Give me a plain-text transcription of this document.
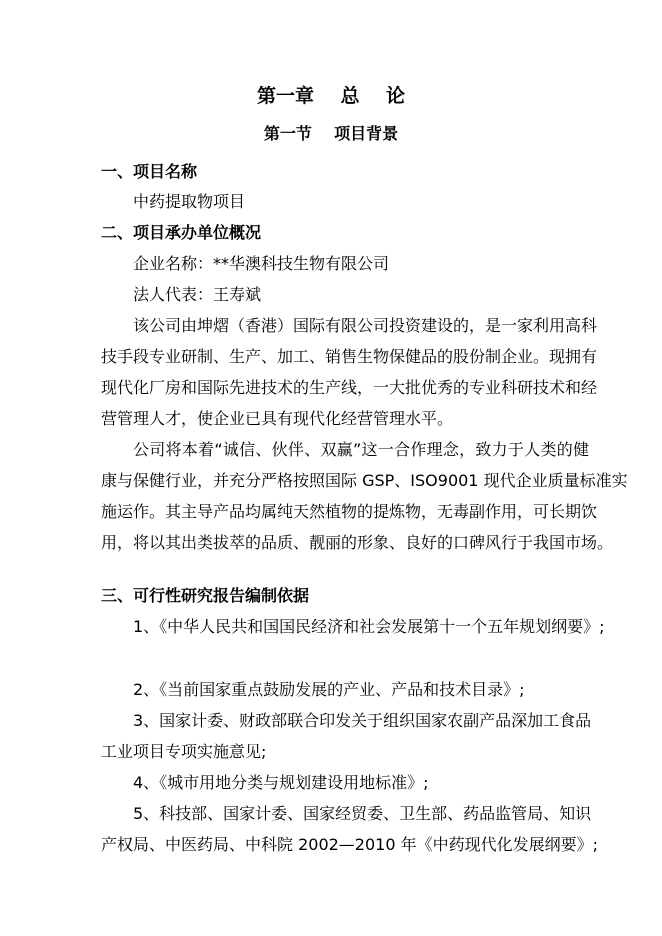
第一章    总    论
第一节    项目背景
一、项目名称
中药提取物项目
二、项目承办单位概况
企业名称：**华澳科技生物有限公司
法人代表：王寿斌
该公司由坤熠（香港）国际有限公司投资建设的，是一家利用高科
技手段专业研制、生产、加工、销售生物保健品的股份制企业。现拥有
现代化厂房和国际先进技术的生产线，一大批优秀的专业科研技术和经
营管理人才，使企业已具有现代化经营管理水平。
公司将本着“诚信、伙伴、双赢”这一合作理念，致力于人类的健
康与保健行业，并充分严格按照国际 GSP、ISO9001 现代企业质量标准实
施运作。其主导产品均属纯天然植物的提炼物，无毒副作用，可长期饮
用，将以其出类拔萃的品质、靓丽的形象、良好的口碑风行于我国市场。
三、可行性研究报告编制依据
1、《中华人民共和国国民经济和社会发展第十一个五年规划纲要》;
2、《当前国家重点鼓励发展的产业、产品和技术目录》;
3、国家计委、财政部联合印发关于组织国家农副产品深加工食品
工业项目专项实施意见;
4、《城市用地分类与规划建设用地标准》;
5、科技部、国家计委、国家经贸委、卫生部、药品监管局、知识
产权局、中医药局、中科院 2002—2010 年《中药现代化发展纲要》;
